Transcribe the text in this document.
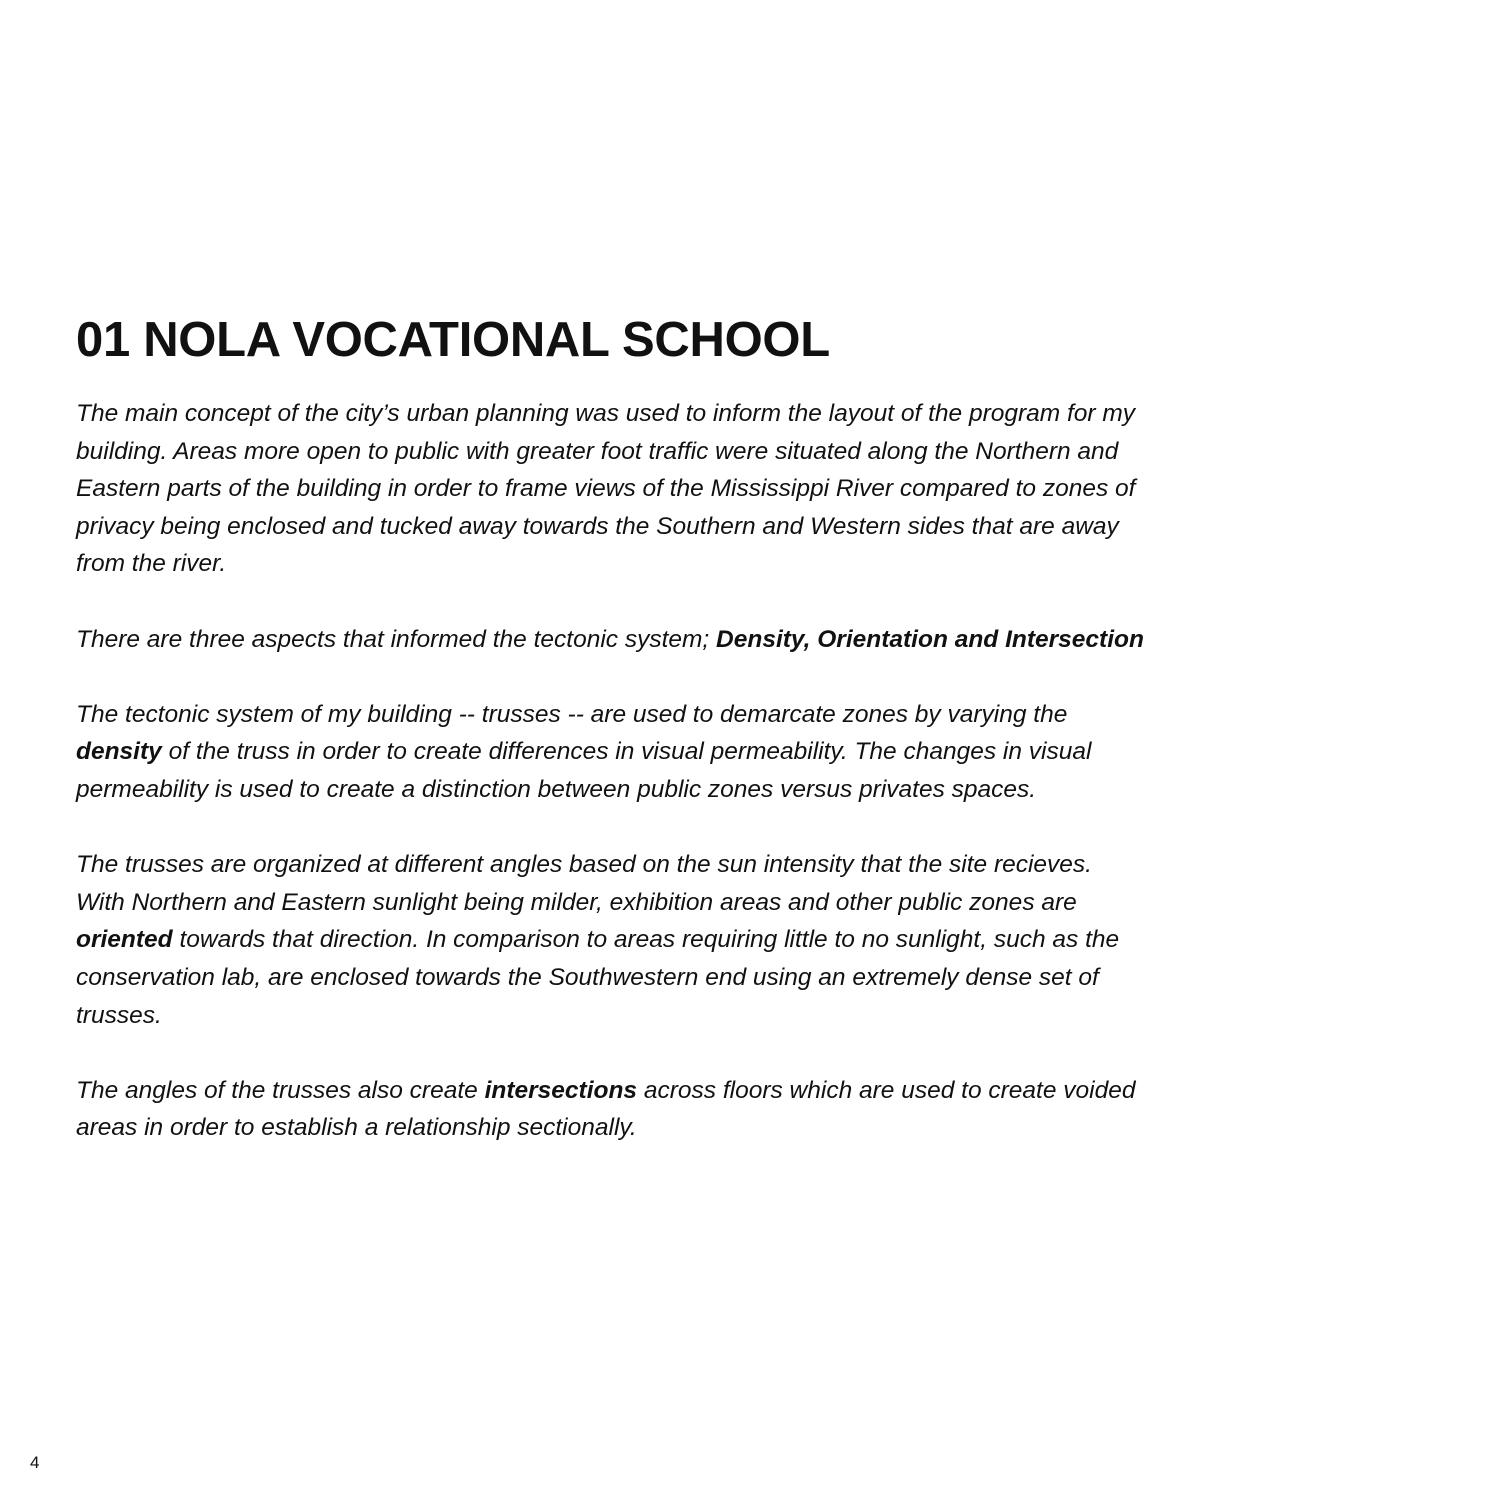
01 NOLA VOCATIONAL SCHOOL

The main concept of the city’s urban planning was used to inform the layout of the program for my building. Areas more open to public with greater foot traffic were situated along the Northern and Eastern parts of the building in order to frame views of the Mississippi River compared to zones of privacy being enclosed and tucked away towards the Southern and Western sides that are away from the river.

There are three aspects that informed the tectonic system; Density, Orientation and Intersection

The tectonic system of my building -- trusses -- are used to demarcate zones by varying the density of the truss in order to create differences in visual permeability. The changes in visual permeability is used to create a distinction between public zones versus privates spaces.

The trusses are organized at different angles based on the sun intensity that the site recieves. With Northern and Eastern sunlight being milder, exhibition areas and other public zones are oriented towards that direction. In comparison to areas requiring little to no sunlight, such as the conservation lab, are enclosed towards the Southwestern end using an extremely dense set of trusses.

The angles of the trusses also create intersections across floors which are used to create voided areas in order to establish a relationship sectionally.

4
